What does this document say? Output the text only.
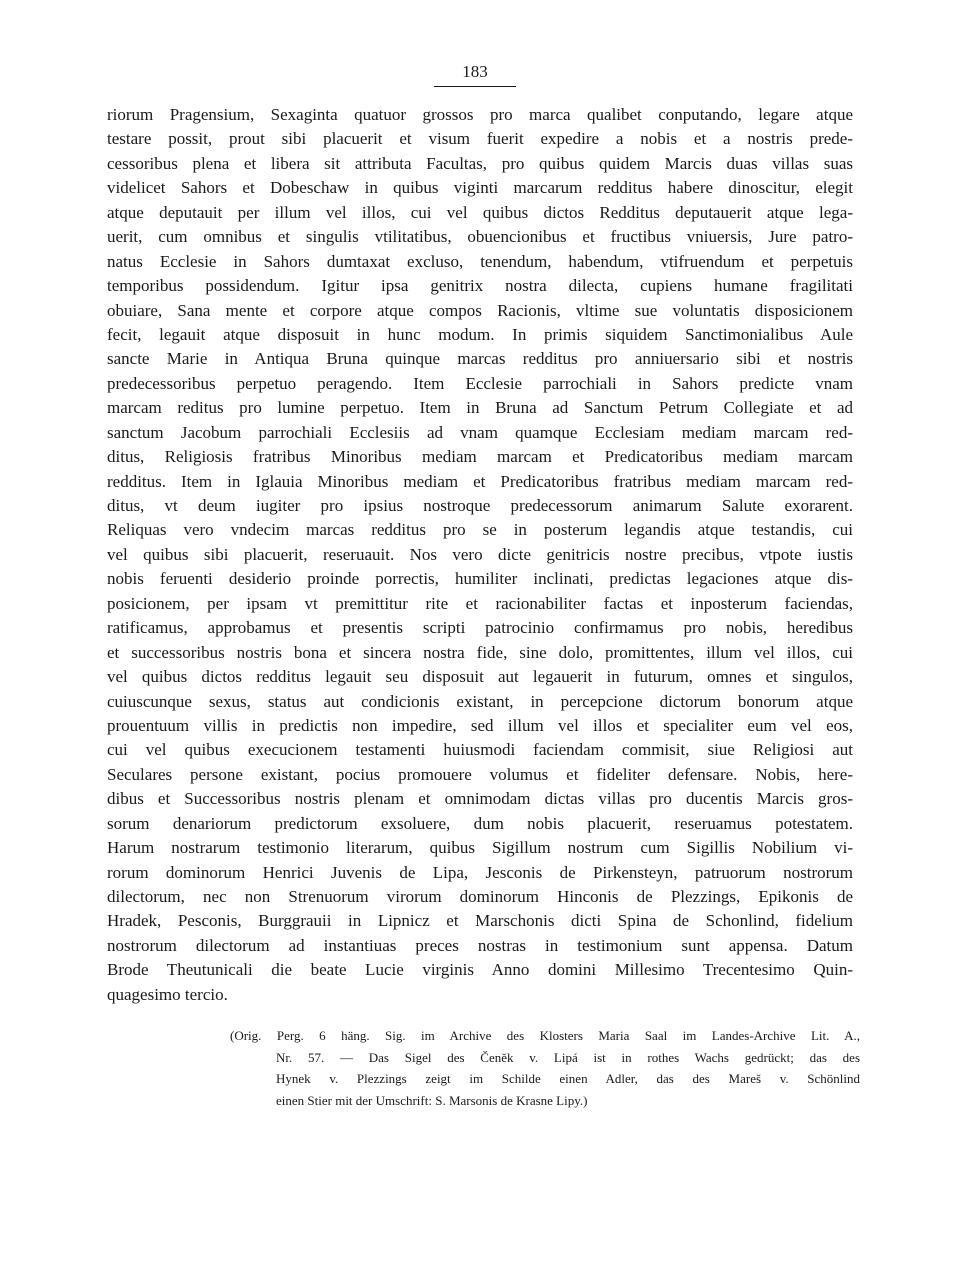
183
riorum Pragensium, Sexaginta quatuor grossos pro marca qualibet conputando, legare atque
testare possit, prout sibi placuerit et visum fuerit expedire a nobis et a nostris prede-
cessoribus plena et libera sit attributa Facultas, pro quibus quidem Marcis duas villas suas
videlicet Sahors et Dobeschaw in quibus viginti marcarum redditus habere dinoscitur, elegit
atque deputauit per illum vel illos, cui vel quibus dictos Redditus deputauerit atque lega-
uerit, cum omnibus et singulis vtilitatibus, obuencionibus et fructibus vniuersis, Jure patro-
natus Ecclesie in Sahors dumtaxat excluso, tenendum, habendum, vtifruendum et perpetuis
temporibus possidendum. Igitur ipsa genitrix nostra dilecta, cupiens humane fragilitati
obuiare, Sana mente et corpore atque compos Racionis, vltime sue voluntatis disposicionem
fecit, legauit atque disposuit in hunc modum. In primis siquidem Sanctimonialibus Aule
sancte Marie in Antiqua Bruna quinque marcas redditus pro anniuersario sibi et nostris
predecessoribus perpetuo peragendo. Item Ecclesie parrochiali in Sahors predicte vnam
marcam reditus pro lumine perpetuo. Item in Bruna ad Sanctum Petrum Collegiate et ad
sanctum Jacobum parrochiali Ecclesiis ad vnam quamque Ecclesiam mediam marcam red-
ditus, Religiosis fratribus Minoribus mediam marcam et Predicatoribus mediam marcam
redditus. Item in Iglauia Minoribus mediam et Predicatoribus fratribus mediam marcam red-
ditus, vt deum iugiter pro ipsius nostroque predecessorum animarum Salute exorarent.
Reliquas vero vndecim marcas redditus pro se in posterum legandis atque testandis, cui
vel quibus sibi placuerit, reseruauit. Nos vero dicte genitricis nostre precibus, vtpote iustis
nobis feruenti desiderio proinde porrectis, humiliter inclinati, predictas legaciones atque dis-
posicionem, per ipsam vt premittitur rite et racionabiliter factas et inposterum faciendas,
ratificamus, approbamus et presentis scripti patrocinio confirmamus pro nobis, heredibus
et successoribus nostris bona et sincera nostra fide, sine dolo, promittentes, illum vel illos, cui
vel quibus dictos redditus legauit seu disposuit aut legauerit in futurum, omnes et singulos,
cuiuscunque sexus, status aut condicionis existant, in percepcione dictorum bonorum atque
prouentuum villis in predictis non impedire, sed illum vel illos et specialiter eum vel eos,
cui vel quibus execucionem testamenti huiusmodi faciendam commisit, siue Religiosi aut
Seculares persone existant, pocius promouere volumus et fideliter defensare. Nobis, here-
dibus et Successoribus nostris plenam et omnimodam dictas villas pro ducentis Marcis gros-
sorum denariorum predictorum exsoluere, dum nobis placuerit, reseruamus potestatem.
Harum nostrarum testimonio literarum, quibus Sigillum nostrum cum Sigillis Nobilium vi-
rorum dominorum Henrici Juvenis de Lipa, Jesconis de Pirkensteyn, patruorum nostrorum
dilectorum, nec non Strenuorum virorum dominorum Hinconis de Plezzings, Epikonis de
Hradek, Pesconis, Burggrauii in Lipnicz et Marschonis dicti Spina de Schonlind, fidelium
nostrorum dilectorum ad instantiuas preces nostras in testimonium sunt appensa. Datum
Brode Theutunicali die beate Lucie virginis Anno domini Millesimo Trecentesimo Quin-
quagesimo tercio.
(Orig. Perg. 6 häng. Sig. im Archive des Klosters Maria Saal im Landes-Archive Lit. A.,
Nr. 57. — Das Sigel des Čeněk v. Lipá ist in rothes Wachs gedrückt; das des
Hynek v. Plezzings zeigt im Schilde einen Adler, das des Mareš v. Schönlind
einen Stier mit der Umschrift: S. Marsonis de Krasne Lipy.)
